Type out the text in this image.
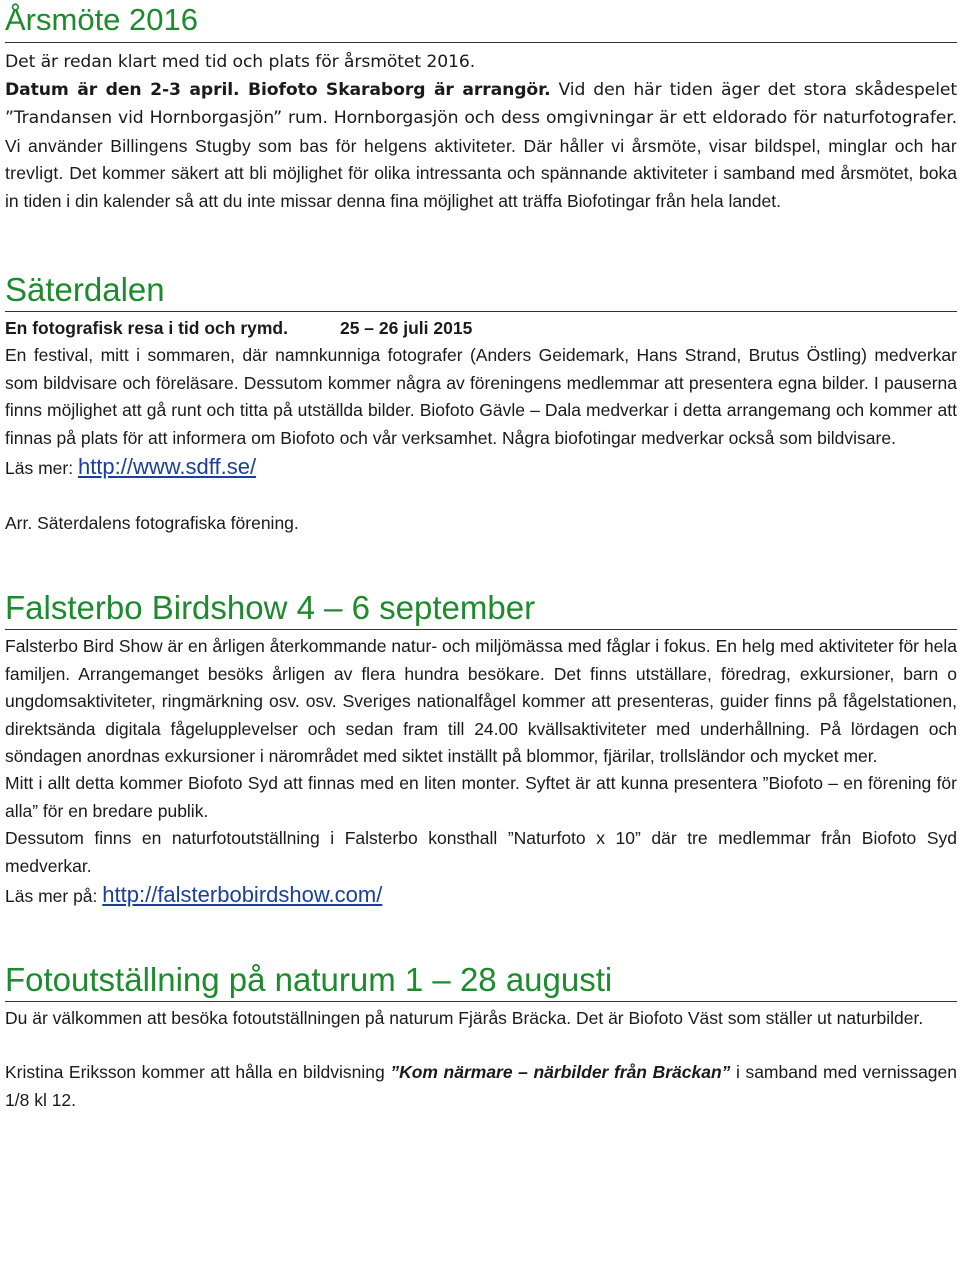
Årsmöte 2016

Det är redan klart med tid och plats för årsmötet 2016.

Datum är den 2-3 april. Biofoto Skaraborg är arrangör. Vid den här tiden äger det stora skådespelet ”Trandansen vid Hornborgasjön” rum. Hornborgasjön och dess omgivningar är ett eldorado för naturfotografer. Vi använder Billingens Stugby som bas för helgens aktiviteter. Där håller vi årsmöte, visar bildspel, minglar och har trevligt. Det kommer säkert att bli möjlighet för olika intressanta och spännande aktiviteter i samband med årsmötet, boka in tiden i din kalender så att du inte missar denna fina möjlighet att träffa Biofotingar från hela landet.

Säterdalen

En fotografisk resa i tid och rymd.	25 – 26 juli 2015

En festival, mitt i sommaren, där namnkunniga fotografer (Anders Geidemark, Hans Strand, Brutus Östling) medverkar som bildvisare och föreläsare. Dessutom kommer några av föreningens medlemmar att presentera egna bilder. I pauserna finns möjlighet att gå runt och titta på utställda bilder. Biofoto Gävle – Dala medverkar i detta arrangemang och kommer att finnas på plats för att informera om Biofoto och vår verksamhet. Några biofotingar medverkar också som bildvisare.

Läs mer: http://www.sdff.se/

Arr. Säterdalens fotografiska förening.

Falsterbo Birdshow 4 – 6 september

Falsterbo Bird Show är en årligen återkommande natur- och miljömässa med fåglar i fokus. En helg med aktiviteter för hela familjen. Arrangemanget besöks årligen av flera hundra besökare. Det finns utställare, föredrag, exkursioner, barn o ungdomsaktiviteter, ringmärkning osv. osv. Sveriges nationalfågel kommer att presenteras, guider finns på fågelstationen, direktsända digitala fågelupplevelser och sedan fram till 24.00 kvällsaktiviteter med underhållning. På lördagen och söndagen anordnas exkursioner i närområdet med siktet inställt på blommor, fjärilar, trollsländor och mycket mer.

Mitt i allt detta kommer Biofoto Syd att finnas med en liten monter. Syftet är att kunna presentera ”Biofoto – en förening för alla” för en bredare publik.

Dessutom finns en naturfotoutställning i Falsterbo konsthall ”Naturfoto x 10” där tre medlemmar från Biofoto Syd medverkar.

Läs mer på: http://falsterbobirdshow.com/

Fotoutställning på naturum 1 – 28 augusti

Du är välkommen att besöka fotoutställningen på naturum Fjärås Bräcka. Det är Biofoto Väst som ställer ut naturbilder.

Kristina Eriksson kommer att hålla en bildvisning ”Kom närmare – närbilder från Bräckan” i samband med vernissagen 1/8 kl 12.
